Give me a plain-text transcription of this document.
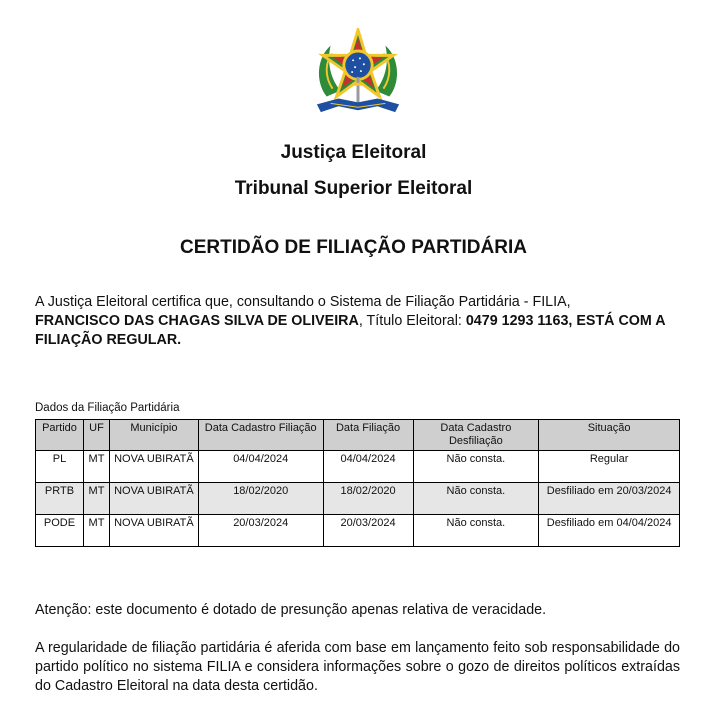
Justiça Eleitoral
Tribunal Superior Eleitoral
CERTIDÃO DE FILIAÇÃO PARTIDÁRIA
A Justiça Eleitoral certifica que, consultando o Sistema de Filiação Partidária - FILIA,
FRANCISCO DAS CHAGAS SILVA DE OLIVEIRA, Título Eleitoral: 0479 1293 1163, ESTÁ COM A FILIAÇÃO REGULAR.
Dados da Filiação Partidária
Partido	UF	Município	Data Cadastro Filiação	Data Filiação	Data Cadastro Desfiliação	Situação
PL	MT	NOVA UBIRATÃ	04/04/2024	04/04/2024	Não consta.	Regular
PRTB	MT	NOVA UBIRATÃ	18/02/2020	18/02/2020	Não consta.	Desfiliado em 20/03/2024
PODE	MT	NOVA UBIRATÃ	20/03/2024	20/03/2024	Não consta.	Desfiliado em 04/04/2024
Atenção: este documento é dotado de presunção apenas relativa de veracidade.
A regularidade de filiação partidária é aferida com base em lançamento feito sob responsabilidade do partido político no sistema FILIA e considera informações sobre o gozo de direitos políticos extraídas do Cadastro Eleitoral na data desta certidão.
